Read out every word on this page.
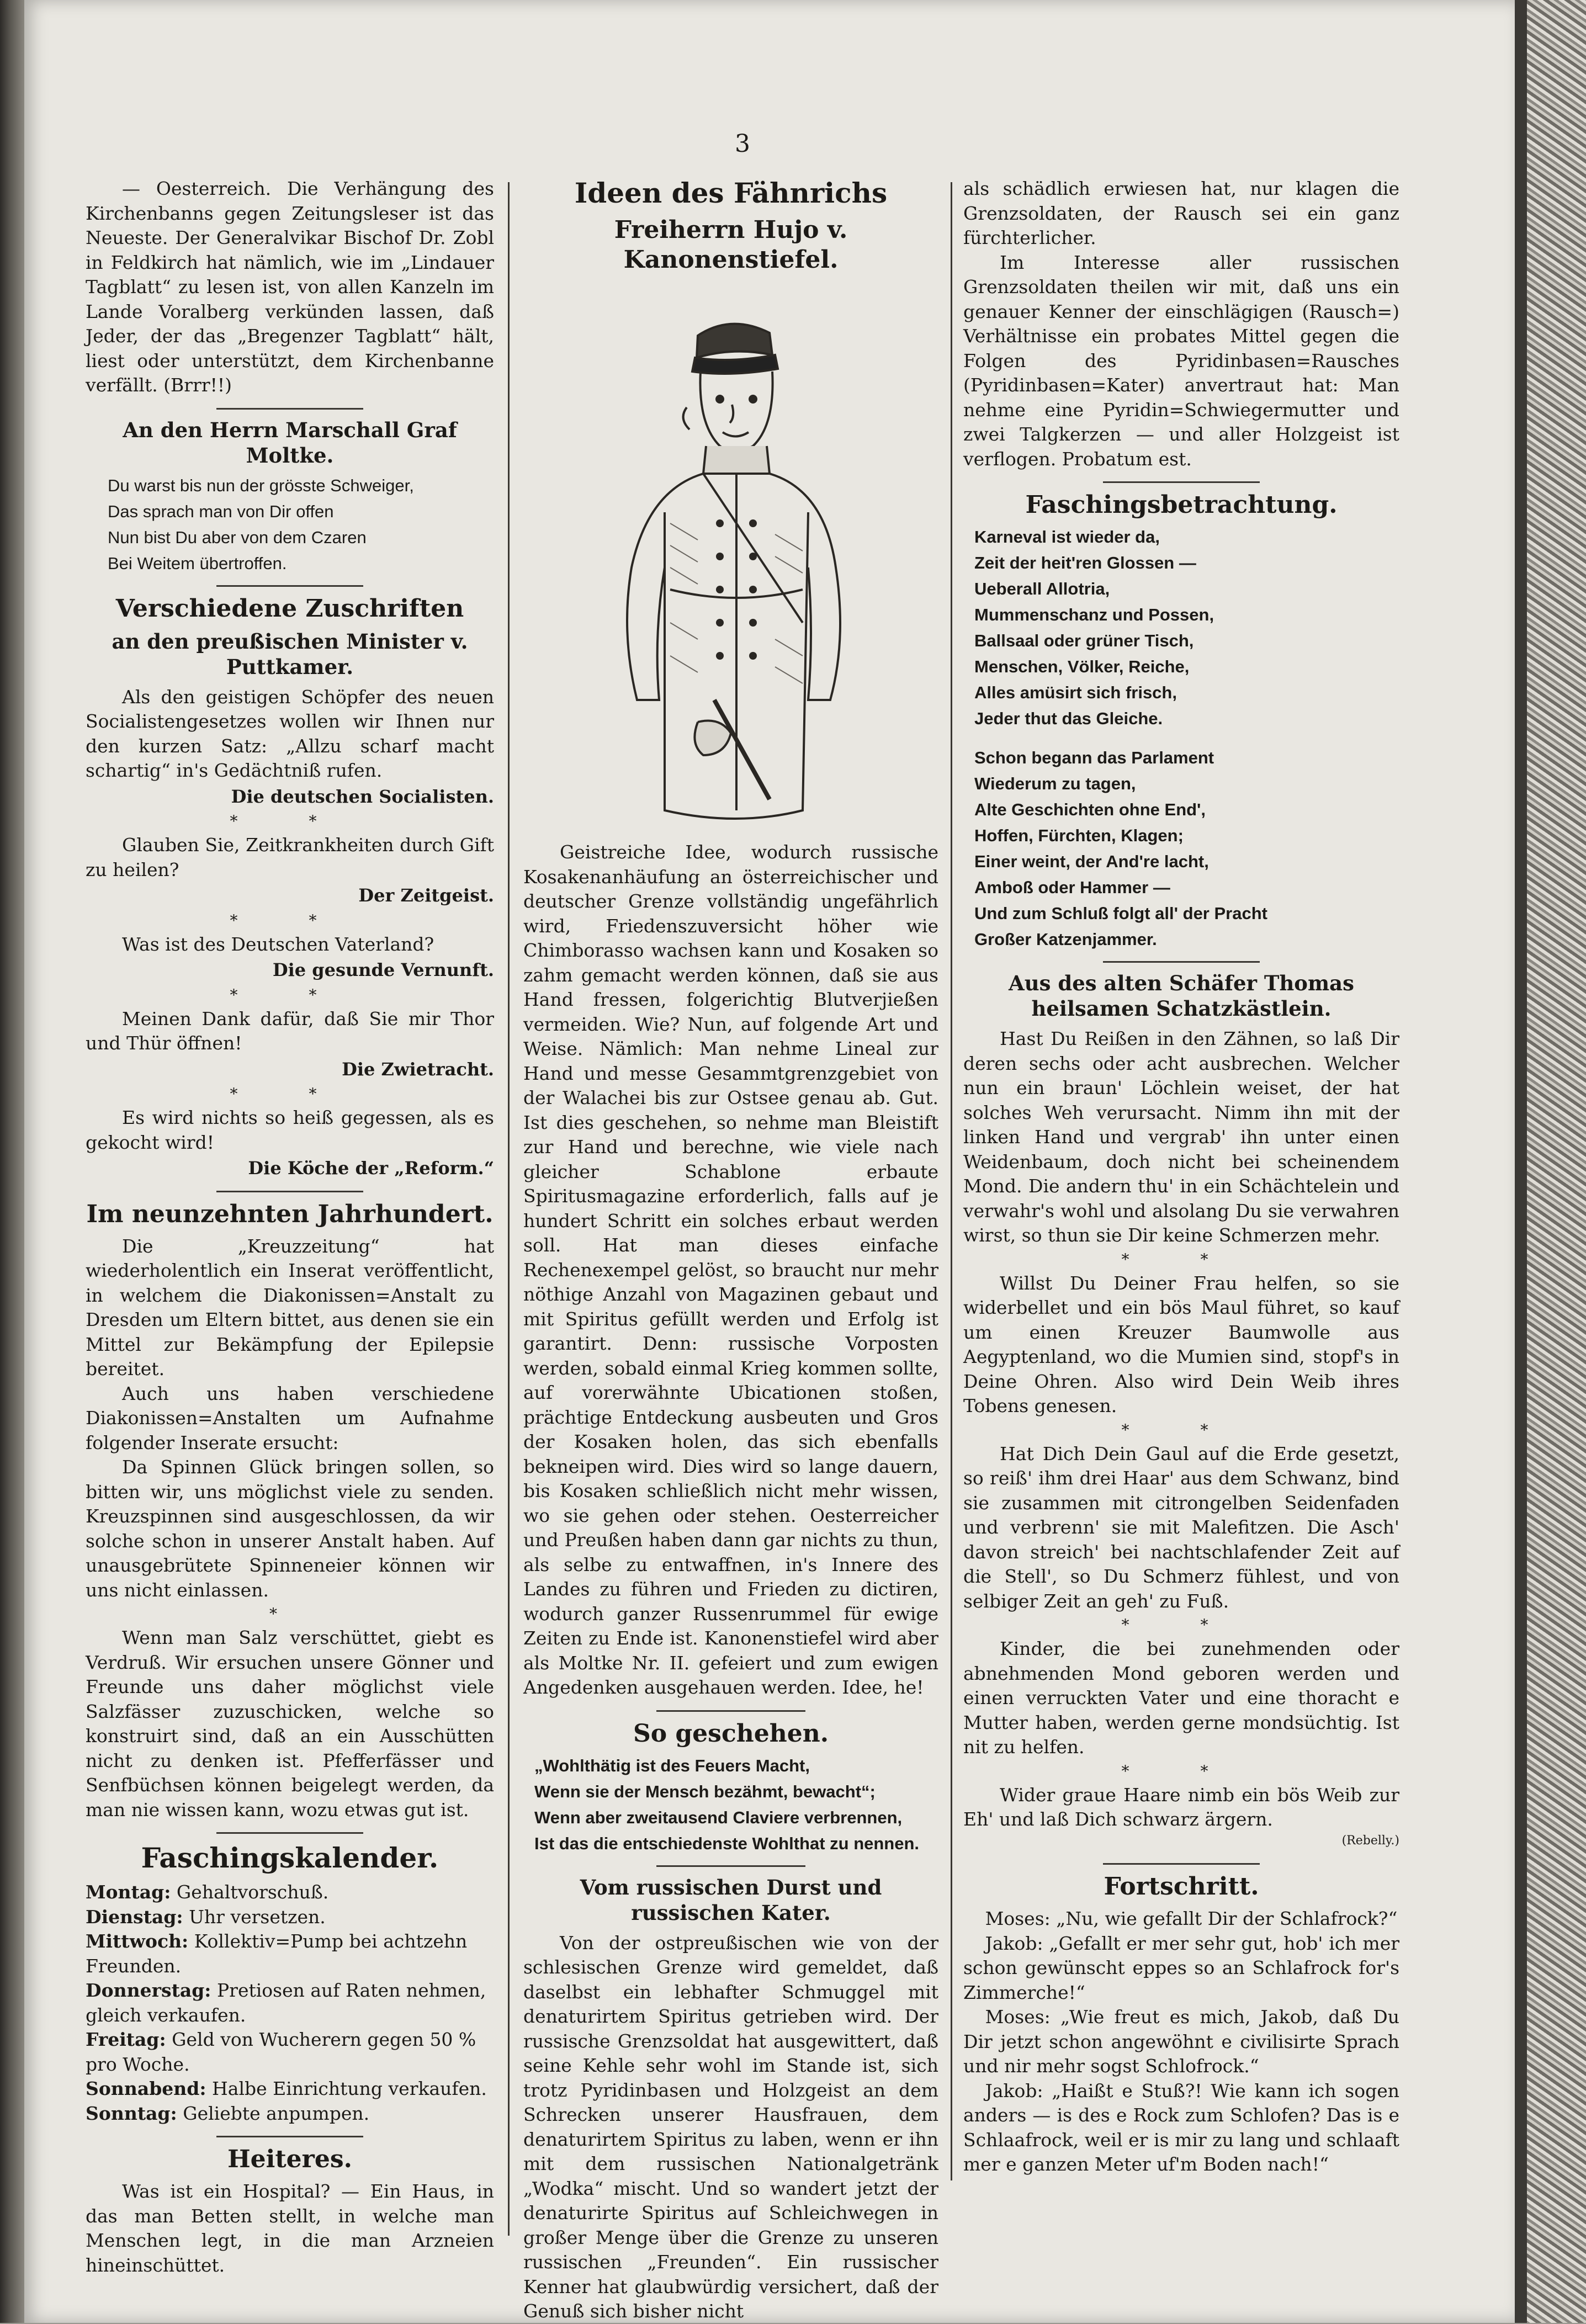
3

— Oesterreich. Die Verhängung des Kirchenbanns gegen Zeitungsleser ist das Neueste. Der Generalvikar Bischof Dr. Zobl in Feldkirch hat nämlich, wie im „Lindauer Tagblatt“ zu lesen ist, von allen Kanzeln im Lande Voralberg verkünden lassen, daß Jeder, der das „Bregenzer Tagblatt“ hält, liest oder unterstützt, dem Kirchenbanne verfällt. (Brrr!!)

An den Herrn Marschall Graf Moltke.
Du warst bis nun der grösste Schweiger,
Das sprach man von Dir offen
Nun bist Du aber von dem Czaren
Bei Weitem übertroffen.
Verschiedene Zuschriften
an den preußischen Minister v. Puttkamer.

Als den geistigen Schöpfer des neuen Socialistengesetzes wollen wir Ihnen nur den kurzen Satz: „Allzu scharf macht schartig“ in's Gedächtniß rufen.

Die deutschen Socialisten.
* *

Glauben Sie, Zeitkrankheiten durch Gift zu heilen?

Der Zeitgeist.
* *

Was ist des Deutschen Vaterland?

Die gesunde Vernunft.
* *

Meinen Dank dafür, daß Sie mir Thor und Thür öffnen!

Die Zwietracht.
* *

Es wird nichts so heiß gegessen, als es gekocht wird!

Die Köche der „Reform.“
Im neunzehnten Jahrhundert.

Die „Kreuzzeitung“ hat wiederholentlich ein Inserat veröffentlicht, in welchem die Diakonissen=Anstalt zu Dresden um Eltern bittet, aus denen sie ein Mittel zur Bekämpfung der Epilepsie bereitet.

Auch uns haben verschiedene Diakonissen=Anstalten um Aufnahme folgender Inserate ersucht:

Da Spinnen Glück bringen sollen, so bitten wir, uns möglichst viele zu senden. Kreuzspinnen sind ausgeschlossen, da wir solche schon in unserer Anstalt haben. Auf unausgebrütete Spinneneier können wir uns nicht einlassen.

*

Wenn man Salz verschüttet, giebt es Verdruß. Wir ersuchen unsere Gönner und Freunde uns daher möglichst viele Salzfässer zuzuschicken, welche so konstruirt sind, daß an ein Ausschütten nicht zu denken ist. Pfefferfässer und Senfbüchsen können beigelegt werden, da man nie wissen kann, wozu etwas gut ist.

Faschingskalender.

Montag: Gehaltvorschuß.

Dienstag: Uhr versetzen.

Mittwoch: Kollektiv=Pump bei achtzehn Freunden.

Donnerstag: Pretiosen auf Raten nehmen, gleich verkaufen.

Freitag: Geld von Wucherern gegen 50 % pro Woche.

Sonnabend: Halbe Einrichtung verkaufen.

Sonntag: Geliebte anpumpen.

Heiteres.

Was ist ein Hospital? — Ein Haus, in das man Betten stellt, in welche man Menschen legt, in die man Arzneien hineinschüttet.

Ideen des Fähnrichs
Freiherrn Hujo v. Kanonenstiefel.

Geistreiche Idee, wodurch russische Kosakenanhäufung an österreichischer und deutscher Grenze vollständig ungefährlich wird, Friedenszuversicht höher wie Chimborasso wachsen kann und Kosaken so zahm gemacht werden können, daß sie aus Hand fressen, folgerichtig Blutverjießen vermeiden. Wie? Nun, auf folgende Art und Weise. Nämlich: Man nehme Lineal zur Hand und messe Gesammtgrenzgebiet von der Walachei bis zur Ostsee genau ab. Gut. Ist dies geschehen, so nehme man Bleistift zur Hand und berechne, wie viele nach gleicher Schablone erbaute Spiritusmagazine erforderlich, falls auf je hundert Schritt ein solches erbaut werden soll. Hat man dieses einfache Rechenexempel gelöst, so braucht nur mehr nöthige Anzahl von Magazinen gebaut und mit Spiritus gefüllt werden und Erfolg ist garantirt. Denn: russische Vorposten werden, sobald einmal Krieg kommen sollte, auf vorerwähnte Ubicationen stoßen, prächtige Entdeckung ausbeuten und Gros der Kosaken holen, das sich ebenfalls bekneipen wird. Dies wird so lange dauern, bis Kosaken schließlich nicht mehr wissen, wo sie gehen oder stehen. Oesterreicher und Preußen haben dann gar nichts zu thun, als selbe zu entwaffnen, in's Innere des Landes zu führen und Frieden zu dictiren, wodurch ganzer Russenrummel für ewige Zeiten zu Ende ist. Kanonenstiefel wird aber als Moltke Nr. II. gefeiert und zum ewigen Angedenken ausgehauen werden. Idee, he!

So geschehen.
„Wohlthätig ist des Feuers Macht,
Wenn sie der Mensch bezähmt, bewacht“;
Wenn aber zweitausend Claviere verbrennen,
Ist das die entschiedenste Wohlthat zu nennen.
Vom russischen Durst und russischen Kater.

Von der ostpreußischen wie von der schlesischen Grenze wird gemeldet, daß daselbst ein lebhafter Schmuggel mit denaturirtem Spiritus getrieben wird. Der russische Grenzsoldat hat ausgewittert, daß seine Kehle sehr wohl im Stande ist, sich trotz Pyridinbasen und Holzgeist an dem Schrecken unserer Hausfrauen, dem denaturirtem Spiritus zu laben, wenn er ihn mit dem russischen Nationalgetränk „Wodka“ mischt. Und so wandert jetzt der denaturirte Spiritus auf Schleichwegen in großer Menge über die Grenze zu unseren russischen „Freunden“. Ein russischer Kenner hat glaubwürdig versichert, daß der Genuß sich bisher nicht

als schädlich erwiesen hat, nur klagen die Grenzsoldaten, der Rausch sei ein ganz fürchterlicher.

Im Interesse aller russischen Grenzsoldaten theilen wir mit, daß uns ein genauer Kenner der einschlägigen (Rausch=) Verhältnisse ein probates Mittel gegen die Folgen des Pyridinbasen=Rausches (Pyridinbasen=Kater) anvertraut hat: Man nehme eine Pyridin=Schwiegermutter und zwei Talgkerzen — und aller Holzgeist ist verflogen. Probatum est.

Faschingsbetrachtung.
Karneval ist wieder da,
Zeit der heit'ren Glossen —
Ueberall Allotria,
Mummenschanz und Possen,
Ballsaal oder grüner Tisch,
Menschen, Völker, Reiche,
Alles amüsirt sich frisch,
Jeder thut das Gleiche.
Schon begann das Parlament
Wiederum zu tagen,
Alte Geschichten ohne End',
Hoffen, Fürchten, Klagen;
Einer weint, der And're lacht,
Amboß oder Hammer —
Und zum Schluß folgt all' der Pracht
Großer Katzenjammer.
Aus des alten Schäfer Thomas heilsamen Schatzkästlein.

Hast Du Reißen in den Zähnen, so laß Dir deren sechs oder acht ausbrechen. Welcher nun ein braun' Löchlein weiset, der hat solches Weh verursacht. Nimm ihn mit der linken Hand und vergrab' ihn unter einen Weidenbaum, doch nicht bei scheinendem Mond. Die andern thu' in ein Schächtelein und verwahr's wohl und alsolang Du sie verwahren wirst, so thun sie Dir keine Schmerzen mehr.

* *

Willst Du Deiner Frau helfen, so sie widerbellet und ein bös Maul führet, so kauf um einen Kreuzer Baumwolle aus Aegyptenland, wo die Mumien sind, stopf's in Deine Ohren. Also wird Dein Weib ihres Tobens genesen.

* *

Hat Dich Dein Gaul auf die Erde gesetzt, so reiß' ihm drei Haar' aus dem Schwanz, bind sie zusammen mit citrongelben Seidenfaden und verbrenn' sie mit Malefitzen. Die Asch' davon streich' bei nachtschlafender Zeit auf die Stell', so Du Schmerz fühlest, und von selbiger Zeit an geh' zu Fuß.

* *

Kinder, die bei zunehmenden oder abnehmenden Mond geboren werden und einen verruckten Vater und eine thoracht e Mutter haben, werden gerne mondsüchtig. Ist nit zu helfen.

* *

Wider graue Haare nimb ein bös Weib zur Eh' und laß Dich schwarz ärgern.

(Rebelly.)
Fortschritt.

Moses: „Nu, wie gefallt Dir der Schlafrock?“

Jakob: „Gefallt er mer sehr gut, hob' ich mer schon gewünscht eppes so an Schlafrock for's Zimmerche!“

Moses: „Wie freut es mich, Jakob, daß Du Dir jetzt schon angewöhnt e civilisirte Sprach und nir mehr sogst Schlofrock.“

Jakob: „Haißt e Stuß?! Wie kann ich sogen anders — is des e Rock zum Schlofen? Das is e Schlaafrock, weil er is mir zu lang und schlaaft mer e ganzen Meter uf'm Boden nach!“
